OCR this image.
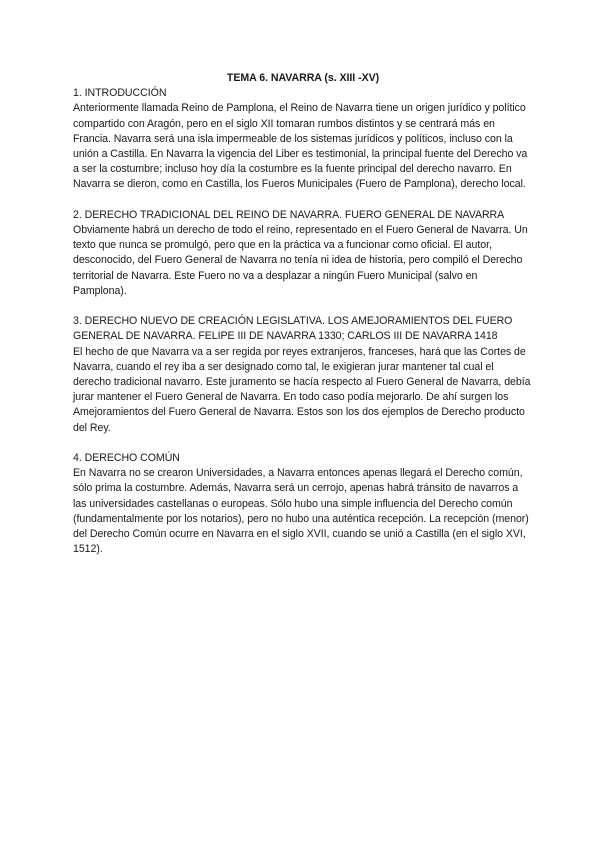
TEMA 6. NAVARRA (s. XIII -XV)

1. INTRODUCCIÓN

Anteriormente llamada Reino de Pamplona, el Reino de Navarra tiene un origen jurídico y político compartido con Aragón, pero en el siglo XII tomaran rumbos distintos y se centrará más en Francia. Navarra será una isla impermeable de los sistemas jurídicos y políticos, incluso con la unión a Castilla. En Navarra la vigencia del Liber es testimonial, la principal fuente del Derecho va a ser la costumbre; incluso hoy día la costumbre es la fuente principal del derecho navarro. En Navarra se dieron, como en Castilla, los Fueros Municipales (Fuero de Pamplona), derecho local.

2. DERECHO TRADICIONAL DEL REINO DE NAVARRA. FUERO GENERAL DE NAVARRA

Obviamente habrá un derecho de todo el reino, representado en el Fuero General de Navarra. Un texto que nunca se promulgó, pero que en la práctica va a funcionar como oficial. El autor, desconocido, del Fuero General de Navarra no tenía ni idea de historia, pero compiló el Derecho territorial de Navarra. Este Fuero no va a desplazar a ningún Fuero Municipal (salvo en Pamplona).

3. DERECHO NUEVO DE CREACIÓN LEGISLATIVA. LOS AMEJORAMIENTOS DEL FUERO GENERAL DE NAVARRA. FELIPE III DE NAVARRA 1330; CARLOS III DE NAVARRA 1418

El hecho de que Navarra va a ser regida por reyes extranjeros, franceses, hará que las Cortes de Navarra, cuando el rey iba a ser designado como tal, le exigieran jurar mantener tal cual el derecho tradicional navarro. Este juramento se hacía respecto al Fuero General de Navarra, debía jurar mantener el Fuero General de Navarra. En todo caso podía mejorarlo. De ahí surgen los Amejoramientos del Fuero General de Navarra. Estos son los dos ejemplos de Derecho producto del Rey.

4. DERECHO COMÚN

En Navarra no se crearon Universidades, a Navarra entonces apenas llegará el Derecho común, sólo prima la costumbre. Además, Navarra será un cerrojo, apenas habrá tránsito de navarros a las universidades castellanas o europeas. Sólo hubo una simple influencia del Derecho común (fundamentalmente por los notarios), pero no hubo una auténtica recepción. La recepción (menor) del Derecho Común ocurre en Navarra en el siglo XVII, cuando se unió a Castilla (en el siglo XVI, 1512).
